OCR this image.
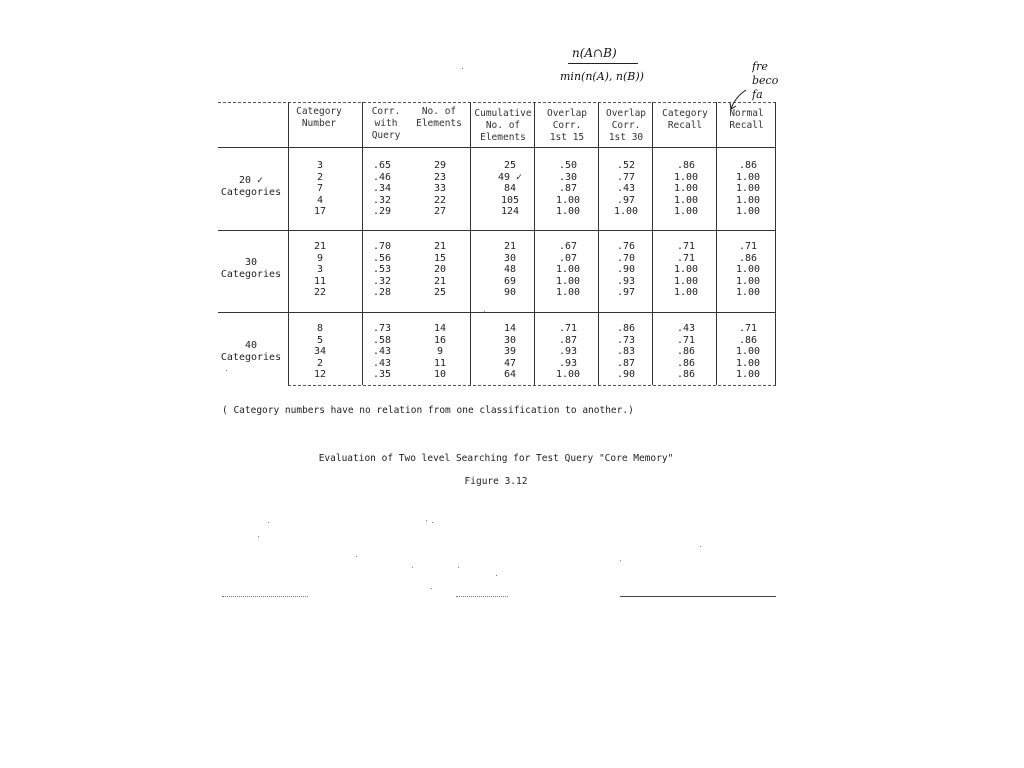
n(A∩B)
min(n(A), n(B))
fre
beco
fa
Category
Number
Corr.
with
Query
No. of
Elements
Cumulative
No. of
Elements
Overlap
Corr.
1st 15
Overlap
Corr.
1st 30
Category
Recall
Normal
Recall
20 ✓
Categories
3
2
7
4
17
.65
.46
.34
.32
.29
29
23
33
22
27
25
49 ✓
84
105
124
.50
.30
.87
1.00
1.00
.52
.77
.43
.97
1.00
.86
1.00
1.00
1.00
1.00
.86
1.00
1.00
1.00
1.00
30
Categories
21
9
3
11
22
.70
.56
.53
.32
.28
21
15
20
21
25
21
30
48
69
90
.67
.07
1.00
1.00
1.00
.76
.70
.90
.93
.97
.71
.71
1.00
1.00
1.00
.71
.86
1.00
1.00
1.00
40
Categories
8
5
34
2
12
.73
.58
.43
.43
.35
14
16
9
11
10
14
30
39
47
64
.71
.87
.93
.93
1.00
.86
.73
.83
.87
.90
.43
.71
.86
.86
.86
.71
.86
1.00
1.00
1.00
( Category numbers have no relation from one classification to another.)
Evaluation of Two level Searching for Test Query "Core Memory"
Figure 3.12
